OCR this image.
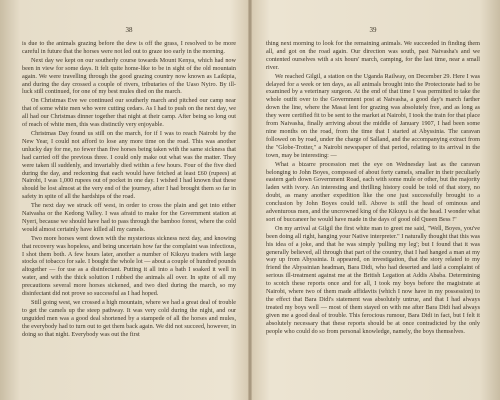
38

is due to the animals grazing before the dew is off the grass, I resolved to be more careful in future that the horses were not led out to graze too early in the morning.

Next day we kept on our southerly course towards Mount Kenya, which had now been in view for some days. It felt quite home-like to be in sight of the old mountain again. We were travelling through the good grazing country now known as Laikipia, and during the day crossed a couple of rivers, tributaries of the Uaso Nyiro. By ill-luck still continued, for one of my best mules died on the march.

On Christmas Eve we continued our southerly march and pitched our camp near that of some white men who were cutting cedars. As I had to push on the next day, we all had our Christmas dinner together that night at their camp. After being so long out of reach of white men, this was distinctly very enjoyable.

Christmas Day found us still on the march, for if I was to reach Nairobi by the New Year, I could not afford to lose any more time on the road. This was another unlucky day for me, no fewer than five horses being taken with the same sickness that had carried off the previous three. I could only make out what was the matter. They were taken ill suddenly, and invariably died within a few hours. Four of the five died during the day, and reckoning that each would have fetched at least £60 (rupees) at Nairobi, I was 1,000 rupees out of pocket in one day. I wished I had known that these should be lost almost at the very end of the journey, after I had brought them so far in safety in spite of all the hardships of the road.

The next day we struck off west, in order to cross the plain and get into either Naivasha or the Kedong Valley. I was afraid to make for the Government station at Nyeri, because we should have had to pass through the bamboo forest, where the cold would almost certainly have killed all my camels.

Two more horses went down with the mysterious sickness next day, and knowing that recovery was hopeless, and being uncertain how far the complaint was infectious, I shot them both. A few hours later, another a number of Kikuyu traders with large stocks of tobacco for sale. I bought the whole lot — about a couple of hundred pounds altogether — for use as a disinfectant. Putting it all into a bath I soaked it well in water, and with the thick solution I rubbed the animals all over. In spite of all my precautions several more horses sickened, and two died during the march, so my disinfectant did not prove so successful as I had hoped.

Still going west, we crossed a high mountain, where we had a great deal of trouble to get the camels up the steep pathway. It was very cold during the night, and our unguided men was a good deal shortened by a stampede of all the horses and mules, the everybody had to turn out to get them back again. We did not succeed, however, in doing so that night. Everybody was out the first

39

thing next morning to look for the remaining animals. We succeeded in finding them all, and got on the road again. Our direction was south, past Naivasha's and we contented ourselves with a six hours' march, camping, for the last time, near a small river.

We reached Gilgil, a station on the Uganda Railway, on December 29. Here I was delayed for a week or ten days, as all animals brought into the Protectorate had to be examined by a veterinary surgeon. At the end of that time I was permitted to take the whole outfit over to the Government post at Naivasha, a good day's march farther down the line, where the Masai lent for grazing was absolutely free, and as long as they were certified fit to be sent to the market at Nairobi, I took the train for that place from Naivasha, finally arriving about the middle of January 1907, I had been some nine months on the road, from the time that I started at Abyssinia. The caravan followed on by road, under the charge of Salland, and the accompanying extract from the "Globe-Trotter," a Nairobi newspaper of that period, relating to its arrival in the town, may be interesting: —

What a bizarre procession met the eye on Wednesday last as the caravan belonging to John Boyes, composed of about forty camels, smaller in their peculiarly eastern garb down Government Road, each with some mule or other, but the majority laden with ivory. An interesting and thrilling history could be told of that story, no doubt, as many another expedition like the one just successfully brought to a conclusion by John Boyes could tell. Above is still the head of ominous and adventurous men, and the uncrowned king of the Kikuyu is at the head. I wonder what sort of buccaneer he would have made in the days of good old Queen Bess !"

On my arrival at Gilgil the first white man to greet me said, "Well, Boyes, you've been doing all right, hanging your Native interpreter." I naturally thought that this was his idea of a joke, and that he was simply 'pulling my leg'; but I found that it was generally believed, all through that part of the country, that I had hanged a man at my way up from Abyssinia. It appeared, on investigation, that the story related to my friend the Abyssinian headman, Bara Didi, who had deserted and laid a complaint of serious ill-treatment against me at the British Legation at Addis Ababa. Determining to scotch these reports once and for all, I took my boys before the magistrate at Nairobi, where two of them made affidavits (which I now have in my possession) to the effect that Bara Didi's statement was absolutely untrue, and that I had always treated my boys well — most of them stayed on with me after Bara Didi had always given me a good deal of trouble. This ferocious rumour, Bara Didi in fact, but I felt it absolutely necessary that these reports should be at once contradicted by the only people who could do so from personal knowledge, namely, the boys themselves.
